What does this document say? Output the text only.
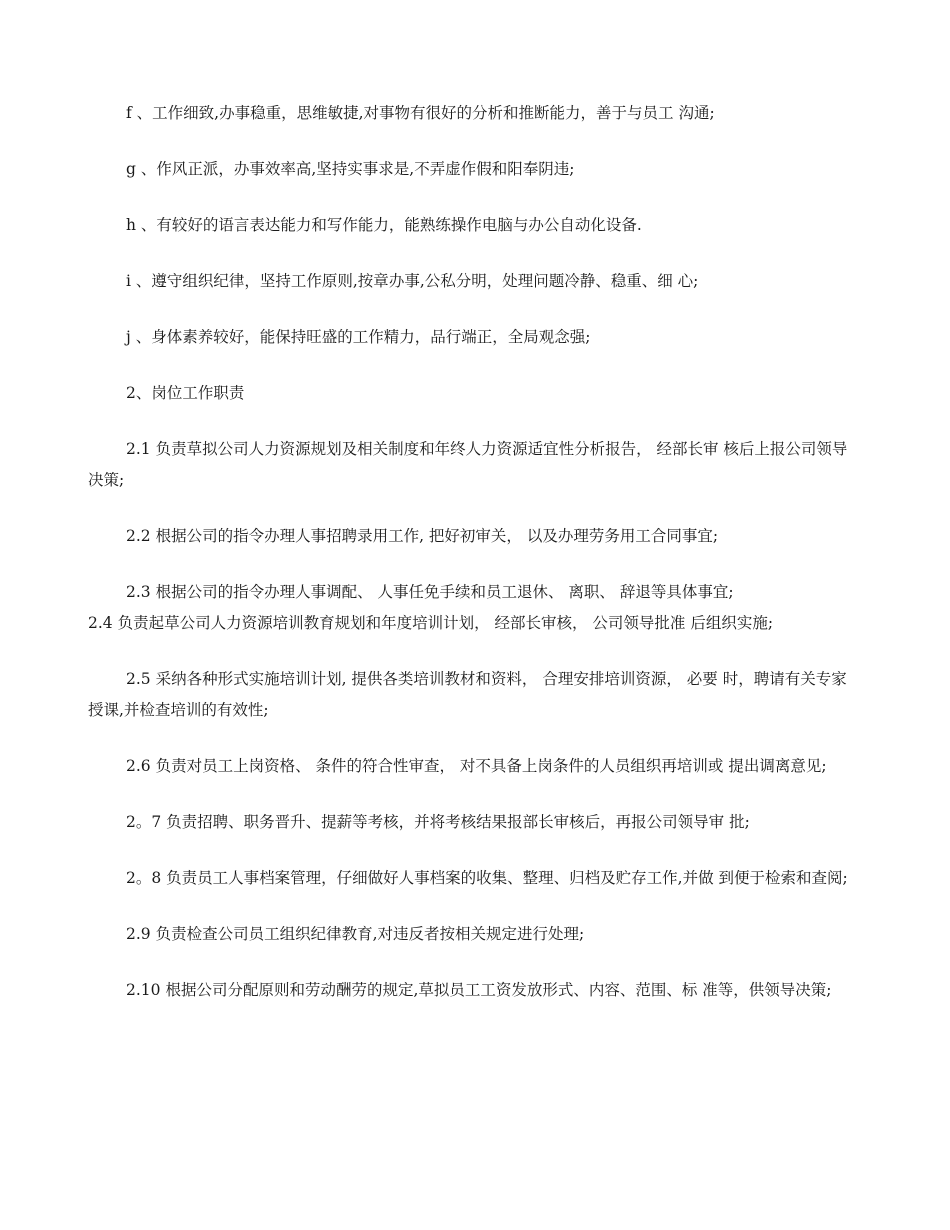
f 、工作细致,办事稳重，思维敏捷,对事物有很好的分析和推断能力，善于与员工 沟通;

g 、作风正派，办事效率高,坚持实事求是,不弄虚作假和阳奉阴违;

h 、有较好的语言表达能力和写作能力，能熟练操作电脑与办公自动化设备.

i 、遵守组织纪律，坚持工作原则,按章办事,公私分明，处理问题冷静、稳重、细 心;

j 、身体素养较好，能保持旺盛的工作精力，品行端正，全局观念强;

2、岗位工作职责

2.1 负责草拟公司人力资源规划及相关制度和年终人力资源适宜性分析报告， 经部长审 核后上报公司领导决策;

2.2 根据公司的指令办理人事招聘录用工作, 把好初审关， 以及办理劳务用工合同事宜;

2.3 根据公司的指令办理人事调配、 人事任免手续和员工退休、 离职、 辞退等具体事宜;

2.4 负责起草公司人力资源培训教育规划和年度培训计划， 经部长审核， 公司领导批准 后组织实施;

2.5 采纳各种形式实施培训计划, 提供各类培训教材和资料， 合理安排培训资源， 必要 时，聘请有关专家授课,并检查培训的有效性;

2.6 负责对员工上岗资格、 条件的符合性审查， 对不具备上岗条件的人员组织再培训或 提出调离意见;

2。7 负责招聘、职务晋升、提薪等考核，并将考核结果报部长审核后，再报公司领导审 批;

2。8 负责员工人事档案管理，仔细做好人事档案的收集、整理、归档及贮存工作,并做 到便于检索和查阅;

2.9 负责检查公司员工组织纪律教育,对违反者按相关规定进行处理;

2.10 根据公司分配原则和劳动酬劳的规定,草拟员工工资发放形式、内容、范围、标 准等，供领导决策;
